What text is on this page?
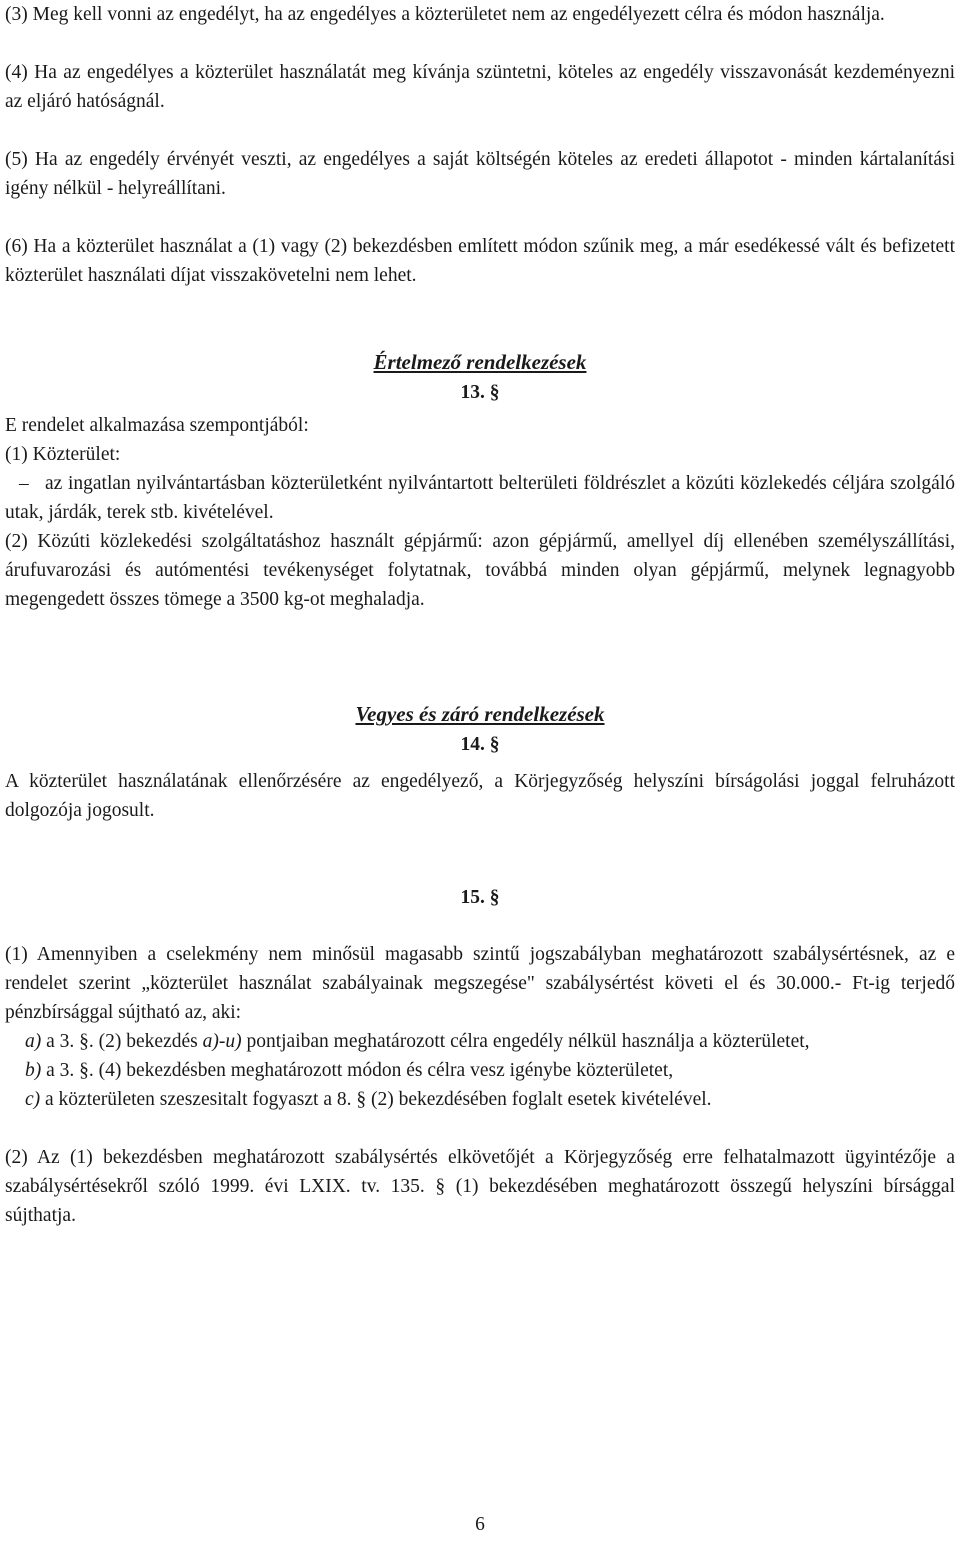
(3) Meg kell vonni az engedélyt, ha az engedélyes a közterületet nem az engedélyezett célra és módon használja.

(4) Ha az engedélyes a közterület használatát meg kívánja szüntetni, köteles az engedély visszavonását kezdeményezni az eljáró hatóságnál.

(5) Ha az engedély érvényét veszti, az engedélyes a saját költségén köteles az eredeti állapotot - minden kártalanítási igény nélkül - helyreállítani.

(6) Ha a közterület használat a (1) vagy (2) bekezdésben említett módon szűnik meg, a már esedékessé vált és befizetett közterület használati díjat visszakövetelni nem lehet.

Értelmező rendelkezések

13. §

E rendelet alkalmazása szempontjából:

(1) Közterület:

– az ingatlan nyilvántartásban közterületként nyilvántartott belterületi földrészlet a közúti közlekedés céljára szolgáló utak, járdák, terek stb. kivételével.

(2) Közúti közlekedési szolgáltatáshoz használt gépjármű: azon gépjármű, amellyel díj ellenében személyszállítási, árufuvarozási és autómentési tevékenységet folytatnak, továbbá minden olyan gépjármű, melynek legnagyobb megengedett összes tömege a 3500 kg-ot meghaladja.

Vegyes és záró rendelkezések

14. §

A közterület használatának ellenőrzésére az engedélyező, a Körjegyzőség helyszíni bírságolási joggal felruházott dolgozója jogosult.

15. §

(1) Amennyiben a cselekmény nem minősül magasabb szintű jogszabályban meghatározott szabálysértésnek, az e rendelet szerint „közterület használat szabályainak megszegése" szabálysértést követi el és 30.000.- Ft-ig terjedő pénzbírsággal sújtható az, aki:

a) a 3. §. (2) bekezdés a)-u) pontjaiban meghatározott célra engedély nélkül használja a közterületet,

b) a 3. §. (4) bekezdésben meghatározott módon és célra vesz igénybe közterületet,

c) a közterületen szeszesitalt fogyaszt a 8. § (2) bekezdésében foglalt esetek kivételével.

(2) Az (1) bekezdésben meghatározott szabálysértés elkövetőjét a Körjegyzőség erre felhatalmazott ügyintézője a szabálysértésekről szóló 1999. évi LXIX. tv. 135. § (1) bekezdésében meghatározott összegű helyszíni bírsággal sújthatja.

6
